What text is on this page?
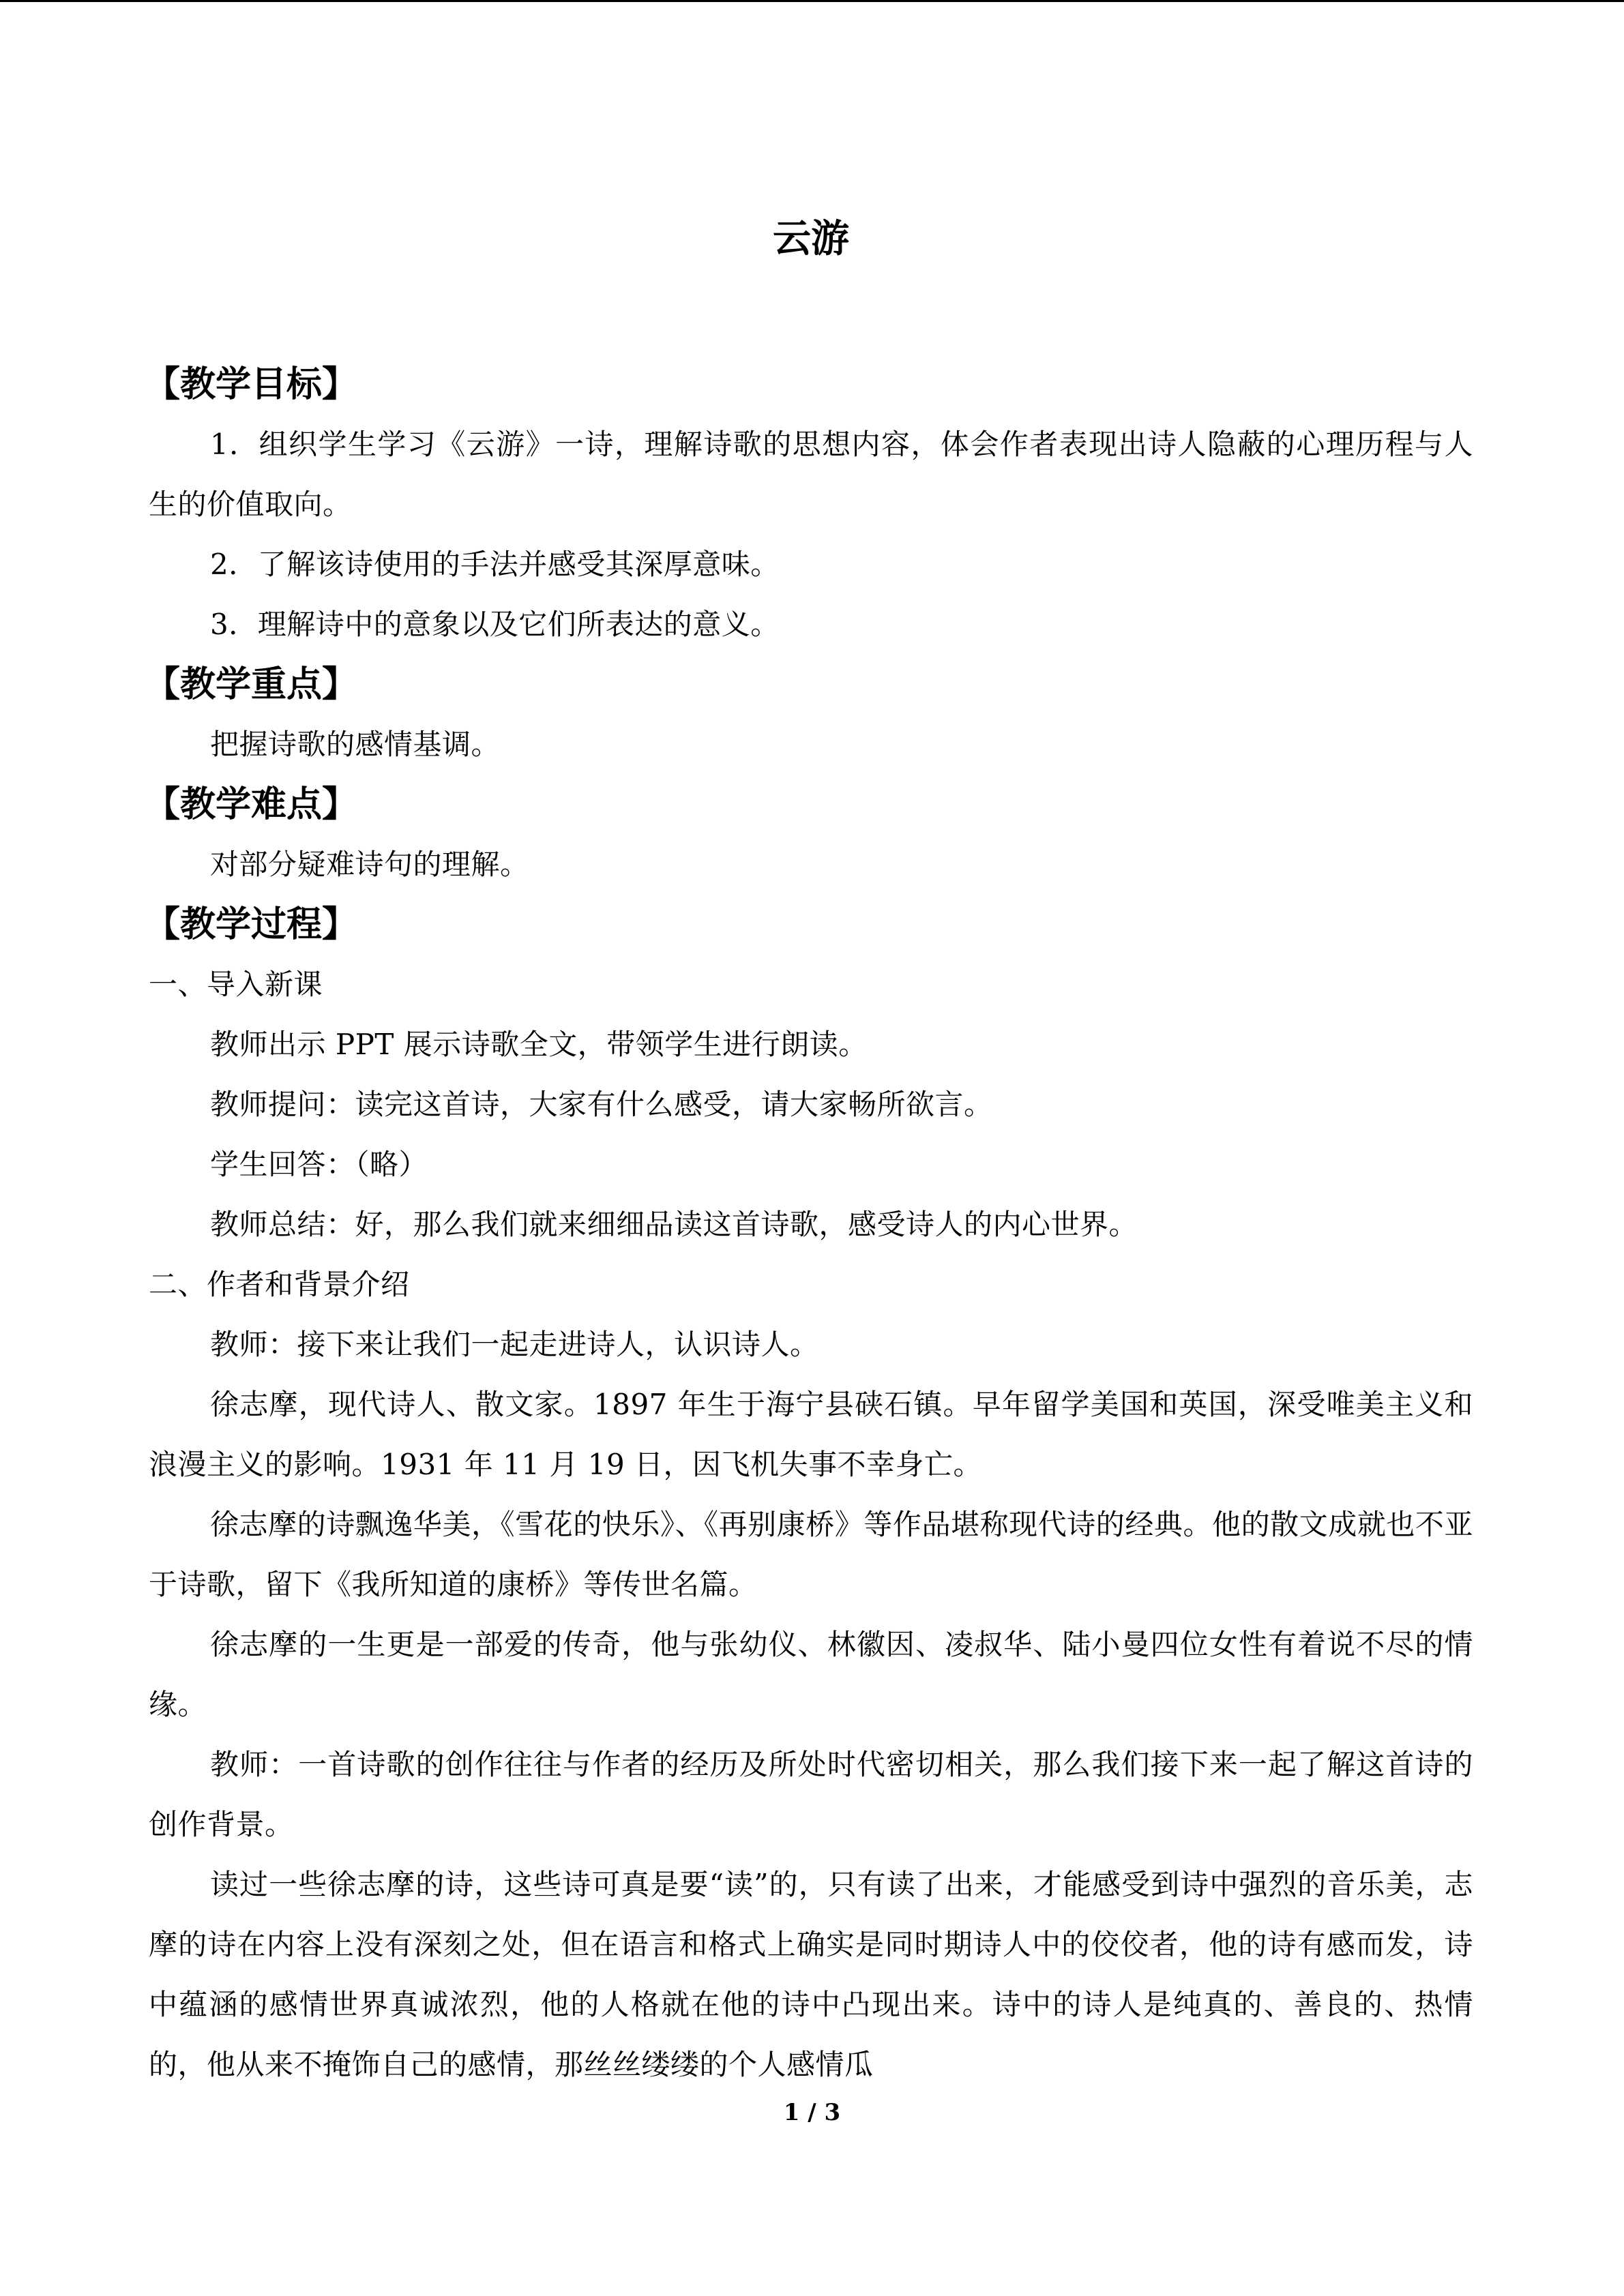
云游
【教学目标】
1．组织学生学习《云游》一诗，理解诗歌的思想内容，体会作者表现出诗人隐蔽的心理历程与人生的价值取向。
2．了解该诗使用的手法并感受其深厚意味。
3．理解诗中的意象以及它们所表达的意义。
【教学重点】
把握诗歌的感情基调。
【教学难点】
对部分疑难诗句的理解。
【教学过程】
一、导入新课
教师出示 PPT 展示诗歌全文，带领学生进行朗读。
教师提问：读完这首诗，大家有什么感受，请大家畅所欲言。
学生回答：（略）
教师总结：好，那么我们就来细细品读这首诗歌，感受诗人的内心世界。
二、作者和背景介绍
教师：接下来让我们一起走进诗人，认识诗人。
徐志摩，现代诗人、散文家。1897 年生于海宁县硖石镇。早年留学美国和英国，深受唯美主义和浪漫主义的影响。1931 年 11 月 19 日，因飞机失事不幸身亡。
徐志摩的诗飘逸华美，《雪花的快乐》、《再别康桥》等作品堪称现代诗的经典。他的散文成就也不亚于诗歌，留下《我所知道的康桥》等传世名篇。
徐志摩的一生更是一部爱的传奇，他与张幼仪、林徽因、凌叔华、陆小曼四位女性有着说不尽的情缘。
教师：一首诗歌的创作往往与作者的经历及所处时代密切相关，那么我们接下来一起了解这首诗的创作背景。
读过一些徐志摩的诗，这些诗可真是要“读”的，只有读了出来，才能感受到诗中强烈的音乐美，志摩的诗在内容上没有深刻之处，但在语言和格式上确实是同时期诗人中的佼佼者，他的诗有感而发，诗中蕴涵的感情世界真诚浓烈，他的人格就在他的诗中凸现出来。诗中的诗人是纯真的、善良的、热情的，他从来不掩饰自己的感情，那丝丝缕缕的个人感情瓜
1 / 3
